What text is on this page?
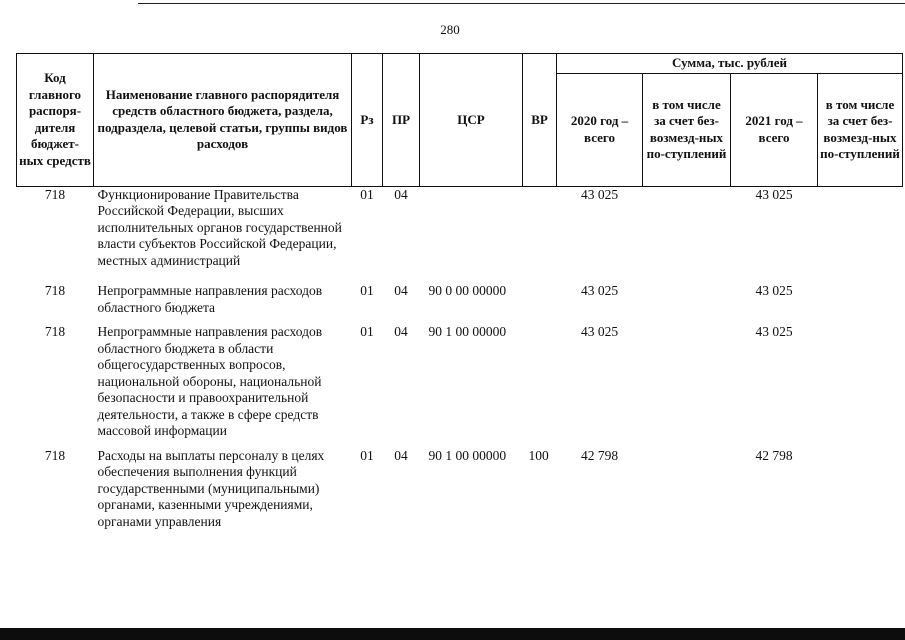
280
Код главного распоря-дителя бюджет-ных средств	Наименование главного распорядителя средств областного бюджета, раздела, подраздела, целевой статьи, группы видов расходов	Рз	ПР	ЦСР	ВР	Сумма, тыс. рублей			
						2020 год – всего	в том числе за счет без-возмезд-ных по-ступлений	2021 год – всего	в том числе за счет без-возмезд-ных по-ступлений
718	Функционирование Правительства Российской Федерации, высших исполнительных органов государственной власти субъектов Российской Федерации, местных администраций	01	04			43 025		43 025	
718	Непрограммные направления расходов областного бюджета	01	04	90 0 00 00000		43 025		43 025	
718	Непрограммные направления расходов областного бюджета в области общегосударственных вопросов, национальной обороны, национальной безопасности и правоохранительной деятельности, а также в сфере средств массовой информации	01	04	90 1 00 00000		43 025		43 025	
718	Расходы на выплаты персоналу в целях обеспечения выполнения функций государственными (муниципальными) органами, казенными учреждениями, органами управления	01	04	90 1 00 00000	100	42 798		42 798	
